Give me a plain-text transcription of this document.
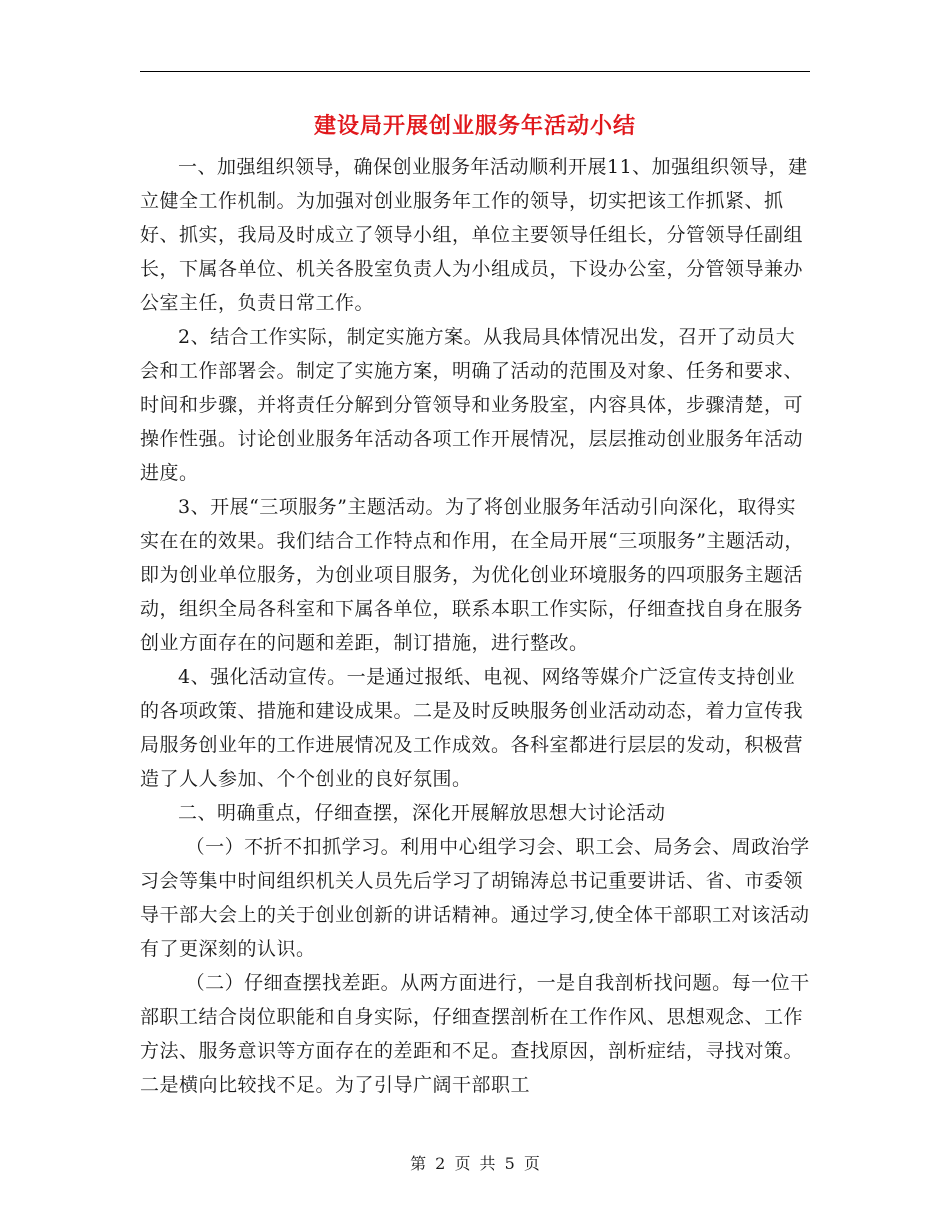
建设局开展创业服务年活动小结

一、加强组织领导，确保创业服务年活动顺利开展11、加强组织领导，建立健全工作机制。为加强对创业服务年工作的领导，切实把该工作抓紧、抓好、抓实，我局及时成立了领导小组，单位主要领导任组长，分管领导任副组长，下属各单位、机关各股室负责人为小组成员，下设办公室，分管领导兼办公室主任，负责日常工作。

2、结合工作实际，制定实施方案。从我局具体情况出发，召开了动员大会和工作部署会。制定了实施方案，明确了活动的范围及对象、任务和要求、时间和步骤，并将责任分解到分管领导和业务股室，内容具体，步骤清楚，可操作性强。讨论创业服务年活动各项工作开展情况，层层推动创业服务年活动进度。

3、开展“三项服务”主题活动。为了将创业服务年活动引向深化，取得实实在在的效果。我们结合工作特点和作用，在全局开展“三项服务”主题活动，即为创业单位服务，为创业项目服务，为优化创业环境服务的四项服务主题活动，组织全局各科室和下属各单位，联系本职工作实际，仔细查找自身在服务创业方面存在的问题和差距，制订措施，进行整改。

4、强化活动宣传。一是通过报纸、电视、网络等媒介广泛宣传支持创业的各项政策、措施和建设成果。二是及时反映服务创业活动动态，着力宣传我局服务创业年的工作进展情况及工作成效。各科室都进行层层的发动，积极营造了人人参加、个个创业的良好氛围。

二、明确重点，仔细查摆，深化开展解放思想大讨论活动

（一）不折不扣抓学习。利用中心组学习会、职工会、局务会、周政治学习会等集中时间组织机关人员先后学习了胡锦涛总书记重要讲话、省、市委领导干部大会上的关于创业创新的讲话精神。通过学习,使全体干部职工对该活动有了更深刻的认识。

（二）仔细查摆找差距。从两方面进行，一是自我剖析找问题。每一位干部职工结合岗位职能和自身实际，仔细查摆剖析在工作作风、思想观念、工作方法、服务意识等方面存在的差距和不足。查找原因，剖析症结，寻找对策。二是横向比较找不足。为了引导广阔干部职工

第 2 页 共 5 页
